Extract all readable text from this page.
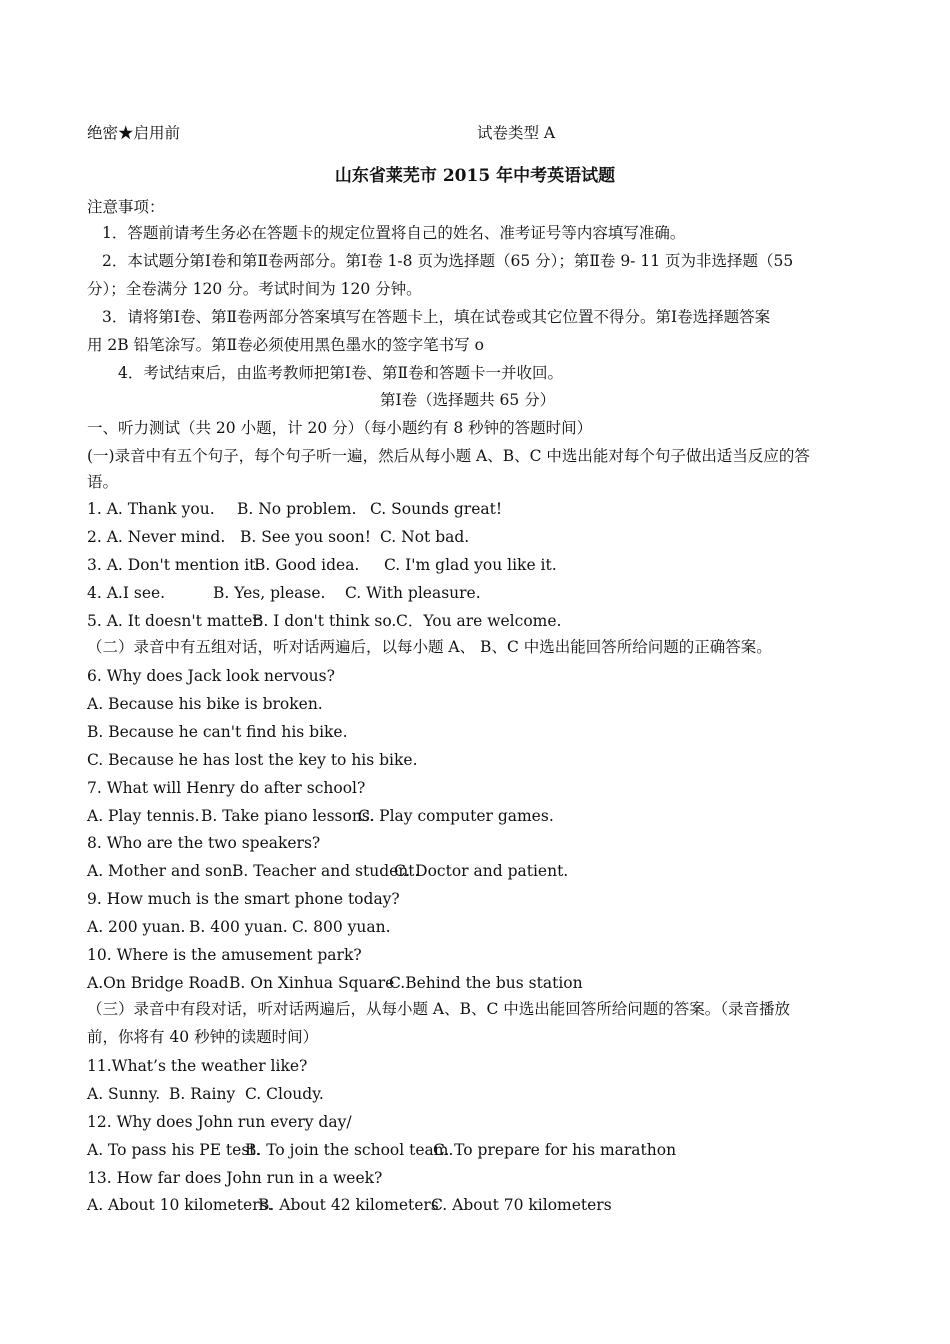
绝密★启用前	试卷类型 A
山东省莱芜市 2015 年中考英语试题
注意事项：
1．答题前请考生务必在答题卡的规定位置将自己的姓名、准考证号等内容填写准确。
2．本试题分第Ⅰ卷和第Ⅱ卷两部分。第Ⅰ卷 1-8 页为选择题（65 分）；第Ⅱ卷 9- 11 页为非选择题（55
分）；全卷满分 120 分。考试时间为 120 分钟。
3．请将第Ⅰ卷、第Ⅱ卷两部分答案填写在答题卡上，填在试卷或其它位置不得分。第Ⅰ卷选择题答案
用 2B 铅笔涂写。第Ⅱ卷必须使用黑色墨水的签字笔书写 o
4．考试结束后，由监考教师把第Ⅰ卷、第Ⅱ卷和答题卡一并收回。
第Ⅰ卷（选择题共 65 分）
一、听力测试（共 20 小题，计 20 分）（每小题约有 8 秒钟的答题时间）
(一)录音中有五个句子，每个句子听一遍，然后从每小题 A、B、C 中选出能对每个句子做出适当反应的答
语。
1. A. Thank you. B. No problem. C. Sounds great!
2. A. Never mind. B. See you soon! C. Not bad.
3. A. Don't mention it.
B. Good idea. C. I'm glad you like it.
4. A.I see.	B. Yes, please. C. With pleasure.
5. A. It doesn't matter.
B. I don't think so. C．You are welcome.
（二）录音中有五组对话，听对话两遍后，以每小题 A、 B、C 中选出能回答所给问题的正确答案。
6. Why does Jack look nervous?
A. Because his bike is broken.
B. Because he can't find his bike.
C. Because he has lost the key to his bike.
7. What will Henry do after school?
A. Play tennis. B. Take piano lessons.
C. Play computer games.
8. Who are the two speakers?
A. Mother and son.
B. Teacher and student.
C. Doctor and patient.
9. How much is the smart phone today?
A. 200 yuan. B. 400 yuan. C. 800 yuan.
10. Where is the amusement park?
A.On Bridge Road B. On Xinhua Square
C.Behind the bus station
（三）录音中有段对话，听对话两遍后，从每小题 A、B、C 中选出能回答所给问题的答案。（录音播放
前，你将有 40 秒钟的读题时间）
11.What’s the weather like?
A. Sunny. B. Rainy C. Cloudy.
12. Why does John run every day/
A. To pass his PE test.
B. To join the school team.
C. To prepare for his marathon
13. How far does John run in a week?
A. About 10 kilometers.
B. About 42 kilometers
C. About 70 kilometers
